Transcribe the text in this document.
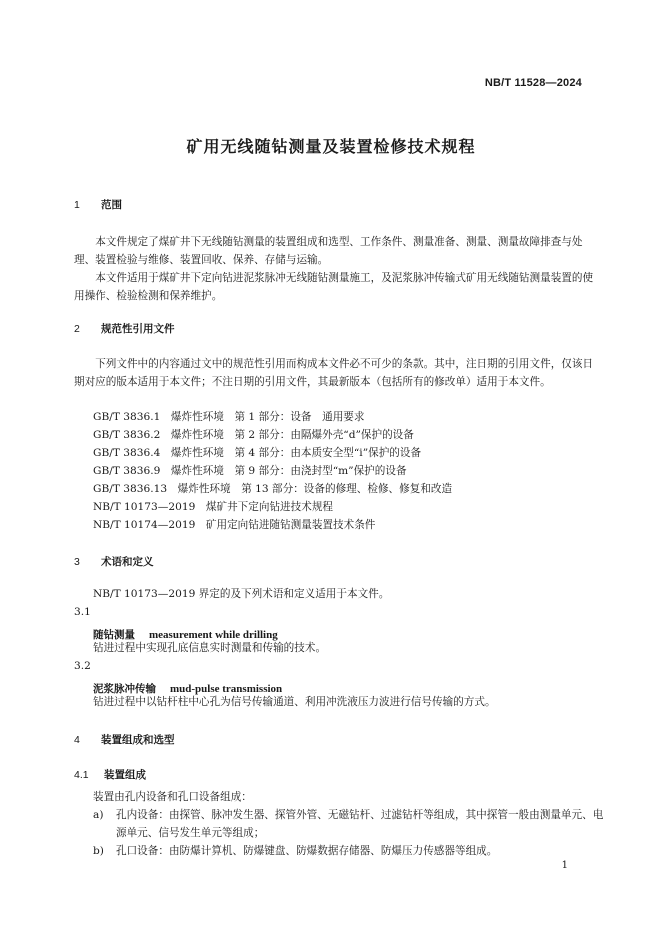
NB/T 11528—2024
矿用无线随钻测量及装置检修技术规程
1 范围
本文件规定了煤矿井下无线随钻测量的装置组成和选型、工作条件、测量准备、测量、测量故障排查与处理、装置检验与维修、装置回收、保养、存储与运输。
本文件适用于煤矿井下定向钻进泥浆脉冲无线随钻测量施工，及泥浆脉冲传输式矿用无线随钻测量装置的使用操作、检验检测和保养维护。
2 规范性引用文件
下列文件中的内容通过文中的规范性引用而构成本文件必不可少的条款。其中，注日期的引用文件，仅该日期对应的版本适用于本文件；不注日期的引用文件，其最新版本（包括所有的修改单）适用于本文件。
GB/T 3836.1　爆炸性环境　第 1 部分：设备　通用要求
GB/T 3836.2　爆炸性环境　第 2 部分：由隔爆外壳“d”保护的设备
GB/T 3836.4　爆炸性环境　第 4 部分：由本质安全型“i”保护的设备
GB/T 3836.9　爆炸性环境　第 9 部分：由浇封型“m”保护的设备
GB/T 3836.13　爆炸性环境　第 13 部分：设备的修理、检修、修复和改造
NB/T 10173—2019　煤矿井下定向钻进技术规程
NB/T 10174—2019　矿用定向钻进随钻测量装置技术条件
3 术语和定义
NB/T 10173—2019 界定的及下列术语和定义适用于本文件。
3.1
随钻测量 measurement while drilling
钻进过程中实现孔底信息实时测量和传输的技术。
3.2
泥浆脉冲传输 mud-pulse transmission
钻进过程中以钻杆柱中心孔为信号传输通道、利用冲洗液压力波进行信号传输的方式。
4 装置组成和选型
4.1 装置组成
装置由孔内设备和孔口设备组成：
a) 孔内设备：由探管、脉冲发生器、探管外管、无磁钻杆、过滤钻杆等组成，其中探管一般由测量单元、电源单元、信号发生单元等组成；
b) 孔口设备：由防爆计算机、防爆键盘、防爆数据存储器、防爆压力传感器等组成。
1
